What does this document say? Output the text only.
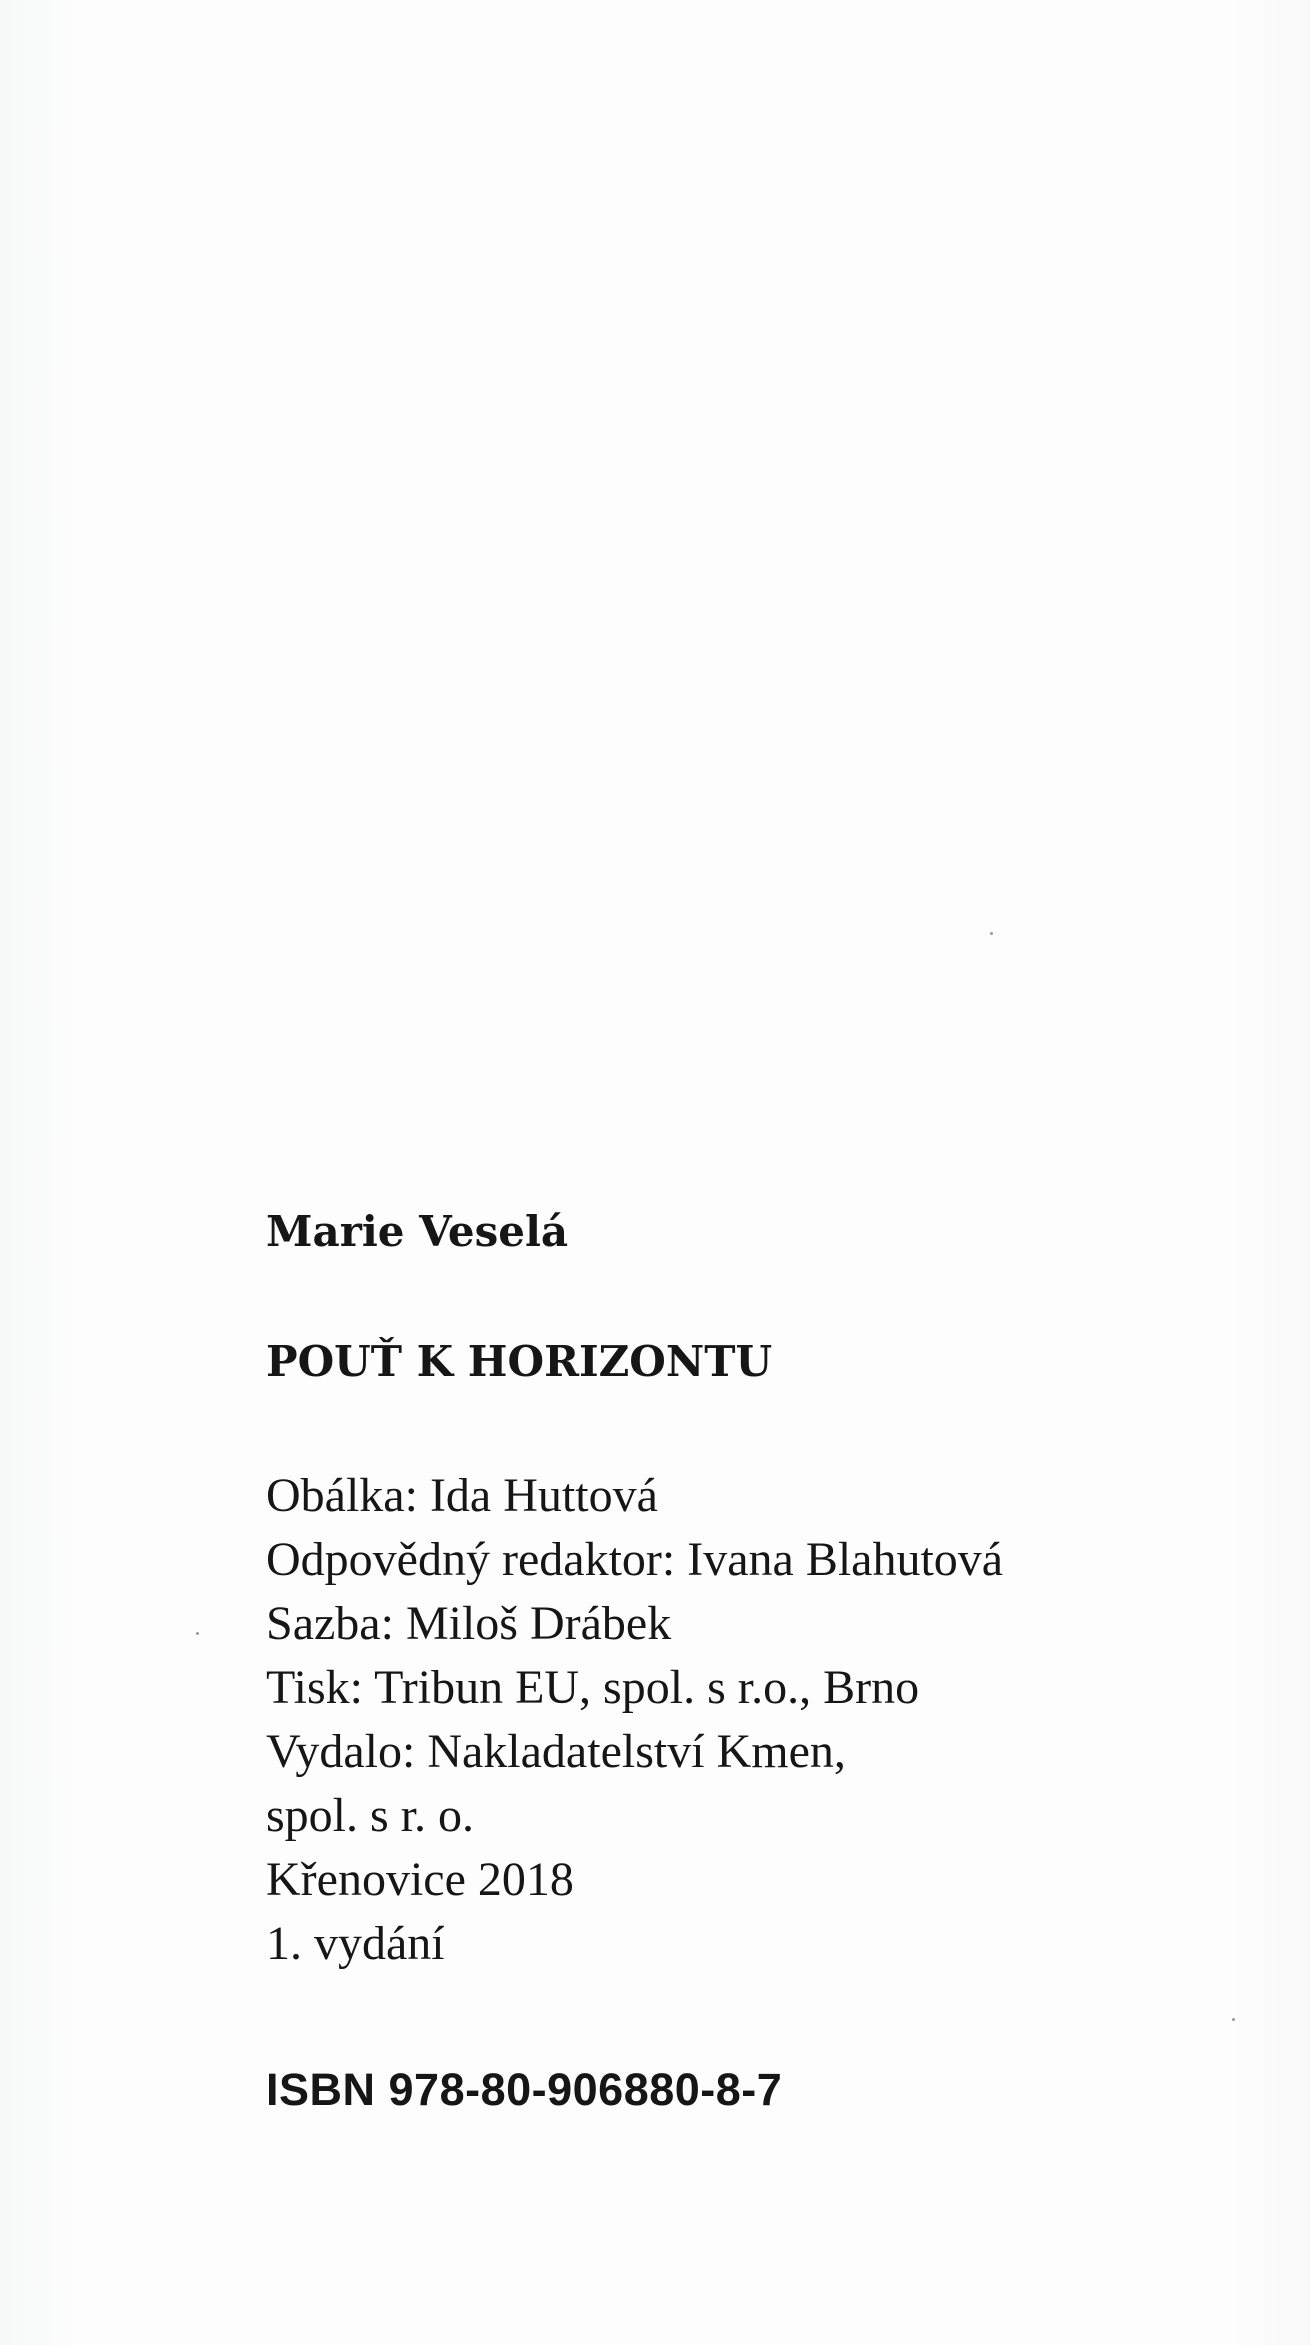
Marie Veselá

POUŤ K HORIZONTU

Obálka: Ida Huttová
Odpovědný redaktor: Ivana Blahutová
Sazba: Miloš Drábek
Tisk: Tribun EU, spol. s r.o., Brno
Vydalo: Nakladatelství Kmen,
spol. s r. o.
Křenovice 2018
1. vydání

ISBN 978-80-906880-8-7
